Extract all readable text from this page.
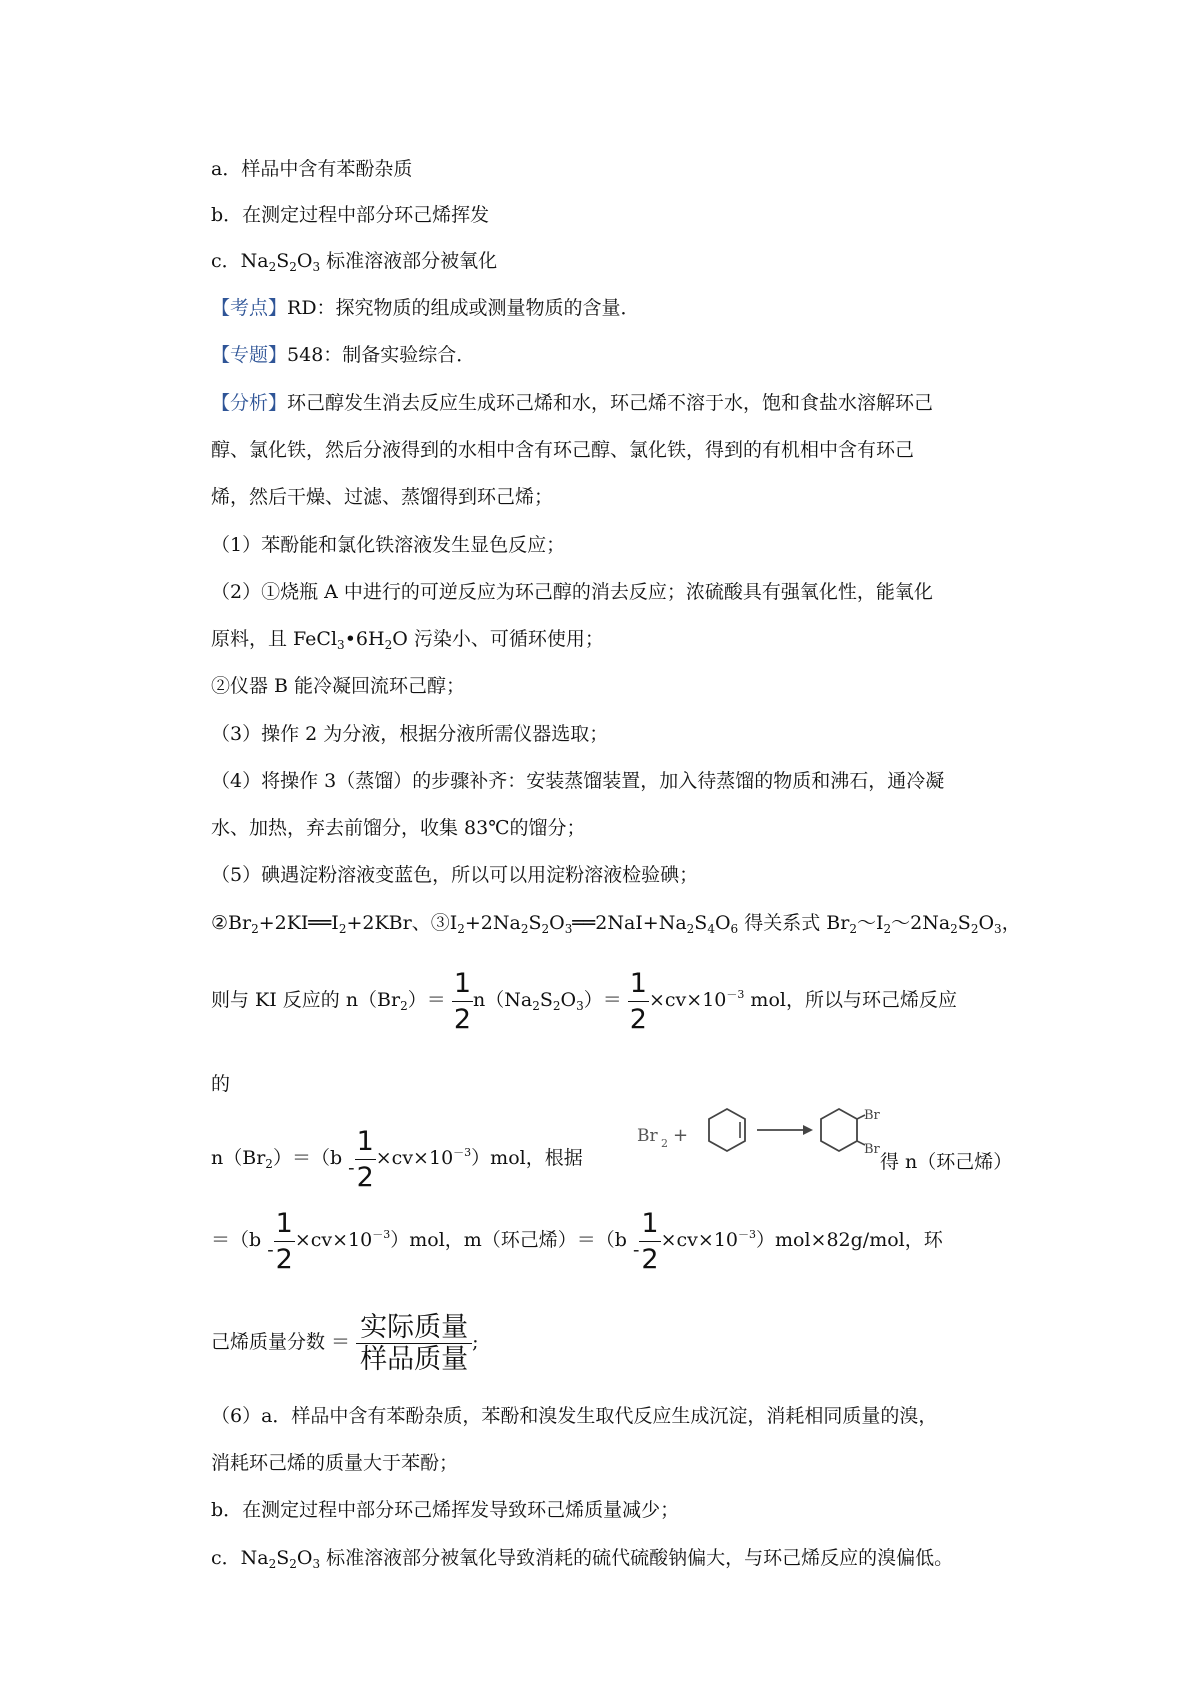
a．样品中含有苯酚杂质
b．在测定过程中部分环己烯挥发
c．$Na_2S_2O_3$ 标准溶液部分被氧化
【考点】RD：探究物质的组成或测量物质的含量．
【专题】548：制备实验综合．
【分析】环己醇发生消去反应生成环己烯和水，环己烯不溶于水，饱和食盐水溶解环己
醇、氯化铁，然后分液得到的水相中含有环己醇、氯化铁，得到的有机相中含有环己
烯，然后干燥、过滤、蒸馏得到环己烯；
（1）苯酚能和氯化铁溶液发生显色反应；
（2）①烧瓶 A 中进行的可逆反应为环己醇的消去反应；浓硫酸具有强氧化性，能氧化
原料，且 $FeCl_3•6H_2O$ 污染小、可循环使用；
②仪器 B 能冷凝回流环己醇；
（3）操作 2 为分液，根据分液所需仪器选取；
（4）将操作 3（蒸馏）的步骤补齐：安装蒸馏装置，加入待蒸馏的物质和沸石，通冷凝
水、加热，弃去前馏分，收集 83℃的馏分；
（5）碘遇淀粉溶液变蓝色，所以可以用淀粉溶液检验碘；
$②Br_2+2KI══I_2+2KBr$、$③I_2+2Na_2S_2O_3══2NaI+Na_2S_4O_6$ 得关系式 $Br_2\sim I_2\sim 2Na_2S_2O_3$，
则与 KI 反应的 $n(Br_2)= \frac{1}{2} n(Na_2S_2O_3)= \frac{1}{2} \times cv\times 10^{-3}$ mol，所以与环己烯反应
的
$n(Br_2)=(b - \frac{1}{2} \times cv\times 10^{-3})mol$，根据
Br 2 +
Br
Br
得 n（环己烯）
$=(b - \frac{1}{2} \times cv\times 10^{-3})mol$，m（环己烯）$=(b - \frac{1}{2} \times cv\times 10^{-3})mol\times 82g/mol$，环
己烯质量分数 ＝ $\frac{\text{实际质量}}{\text{样品质量}}$ ;
（6）a．样品中含有苯酚杂质，苯酚和溴发生取代反应生成沉淀，消耗相同质量的溴，
消耗环己烯的质量大于苯酚；
b．在测定过程中部分环己烯挥发导致环己烯质量减少；
c．$Na_2S_2O_3$ 标准溶液部分被氧化导致消耗的硫代硫酸钠偏大，与环己烯反应的溴偏低。
